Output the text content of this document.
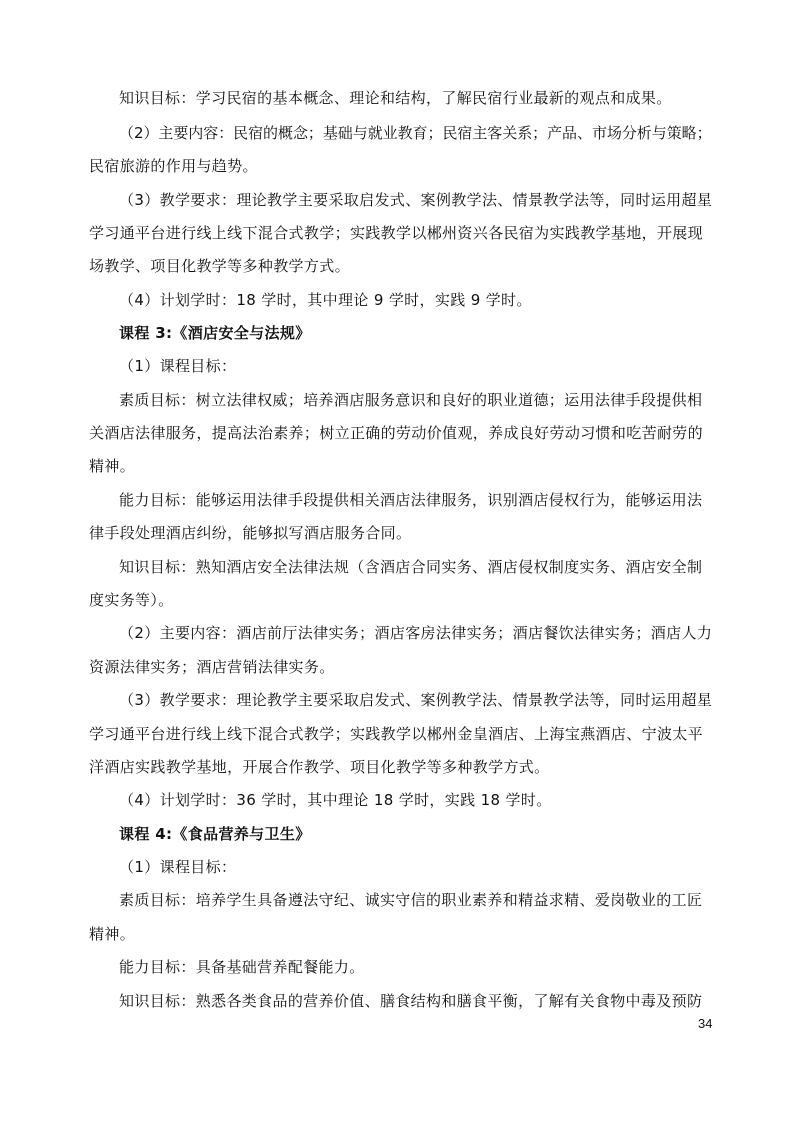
知识目标：学习民宿的基本概念、理论和结构，了解民宿行业最新的观点和成果。
（2）主要内容：民宿的概念；基础与就业教育；民宿主客关系；产品、市场分析与策略；
民宿旅游的作用与趋势。
（3）教学要求：理论教学主要采取启发式、案例教学法、情景教学法等，同时运用超星
学习通平台进行线上线下混合式教学；实践教学以郴州资兴各民宿为实践教学基地，开展现
场教学、项目化教学等多种教学方式。
（4）计划学时：18 学时，其中理论 9 学时，实践 9 学时。
课程 3:《酒店安全与法规》
（1）课程目标：
素质目标：树立法律权威；培养酒店服务意识和良好的职业道德；运用法律手段提供相
关酒店法律服务，提高法治素养；树立正确的劳动价值观，养成良好劳动习惯和吃苦耐劳的
精神。
能力目标：能够运用法律手段提供相关酒店法律服务，识别酒店侵权行为，能够运用法
律手段处理酒店纠纷，能够拟写酒店服务合同。
知识目标：熟知酒店安全法律法规（含酒店合同实务、酒店侵权制度实务、酒店安全制
度实务等）。
（2）主要内容：酒店前厅法律实务；酒店客房法律实务；酒店餐饮法律实务；酒店人力
资源法律实务；酒店营销法律实务。
（3）教学要求：理论教学主要采取启发式、案例教学法、情景教学法等，同时运用超星
学习通平台进行线上线下混合式教学；实践教学以郴州金皇酒店、上海宝燕酒店、宁波太平
洋酒店实践教学基地，开展合作教学、项目化教学等多种教学方式。
（4）计划学时：36 学时，其中理论 18 学时，实践 18 学时。
课程 4:《食品营养与卫生》
（1）课程目标：
素质目标：培养学生具备遵法守纪、诚实守信的职业素养和精益求精、爱岗敬业的工匠
精神。
能力目标：具备基础营养配餐能力。
知识目标：熟悉各类食品的营养价值、膳食结构和膳食平衡，了解有关食物中毒及预防
34
